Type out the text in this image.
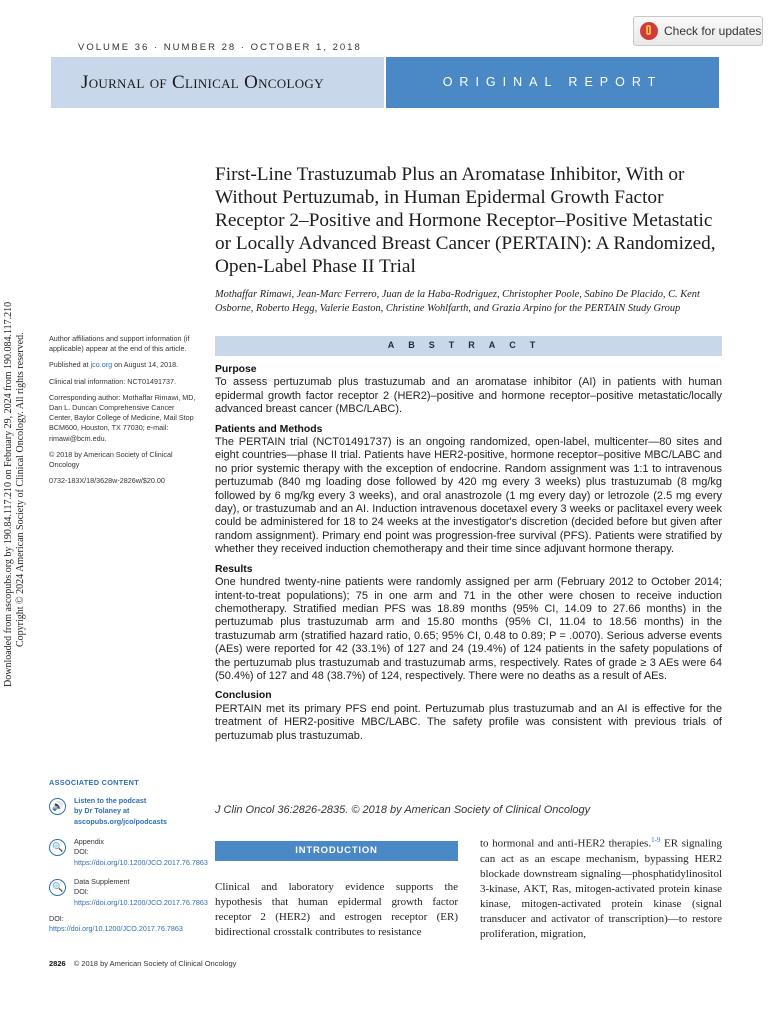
VOLUME 36 · NUMBER 28 · OCTOBER 1, 2018
Check for updates
Journal of Clinical Oncology	ORIGINAL REPORT
Downloaded from ascopubs.org by 190.84.117.210 on February 29, 2024 from 190.084.117.210 Copyright © 2024 American Society of Clinical Oncology. All rights reserved.
First-Line Trastuzumab Plus an Aromatase Inhibitor, With or Without Pertuzumab, in Human Epidermal Growth Factor Receptor 2–Positive and Hormone Receptor–Positive Metastatic or Locally Advanced Breast Cancer (PERTAIN): A Randomized, Open-Label Phase II Trial
Mothaffar Rimawi, Jean-Marc Ferrero, Juan de la Haba-Rodriguez, Christopher Poole, Sabino De Placido, C. Kent Osborne, Roberto Hegg, Valerie Easton, Christine Wohlfarth, and Grazia Arpino for the PERTAIN Study Group

Author affiliations and support information (if applicable) appear at the end of this article.

Published at jco.org on August 14, 2018.

Clinical trial information: NCT01491737.

Corresponding author: Mothaffar Rimawi, MD, Dan L. Duncan Comprehensive Cancer Center, Baylor College of Medicine, Mail Stop BCM600, Houston, TX 77030; e-mail: rimawi@bcm.edu.

© 2018 by American Society of Clinical Oncology

0732-183X/18/3628w-2826w/$20.00

ASSOCIATED CONTENT
🔊
Listen to the podcast
by Dr Tolaney at
ascopubs.org/jco/podcasts
🔍
Appendix
DOI: https://doi.org/10.1200/JCO.2017.76.7863
🔍
Data Supplement
DOI: https://doi.org/10.1200/JCO.2017.76.7863
DOI: https://doi.org/10.1200/JCO.2017.76.7863
ABSTRACT
Purpose

To assess pertuzumab plus trastuzumab and an aromatase inhibitor (AI) in patients with human epidermal growth factor receptor 2 (HER2)–positive and hormone receptor–positive metastatic/locally advanced breast cancer (MBC/LABC).

Patients and Methods

The PERTAIN trial (NCT01491737) is an ongoing randomized, open-label, multicenter—80 sites and eight countries—phase II trial. Patients have HER2-positive, hormone receptor–positive MBC/LABC and no prior systemic therapy with the exception of endocrine. Random assignment was 1:1 to intravenous pertuzumab (840 mg loading dose followed by 420 mg every 3 weeks) plus trastuzumab (8 mg/kg followed by 6 mg/kg every 3 weeks), and oral anastrozole (1 mg every day) or letrozole (2.5 mg every day), or trastuzumab and an AI. Induction intravenous docetaxel every 3 weeks or paclitaxel every week could be administered for 18 to 24 weeks at the investigator's discretion (decided before but given after random assignment). Primary end point was progression-free survival (PFS). Patients were stratified by whether they received induction chemotherapy and their time since adjuvant hormone therapy.

Results

One hundred twenty-nine patients were randomly assigned per arm (February 2012 to October 2014; intent-to-treat populations); 75 in one arm and 71 in the other were chosen to receive induction chemotherapy. Stratified median PFS was 18.89 months (95% CI, 14.09 to 27.66 months) in the pertuzumab plus trastuzumab arm and 15.80 months (95% CI, 11.04 to 18.56 months) in the trastuzumab arm (stratified hazard ratio, 0.65; 95% CI, 0.48 to 0.89; P = .0070). Serious adverse events (AEs) were reported for 42 (33.1%) of 127 and 24 (19.4%) of 124 patients in the safety populations of the pertuzumab plus trastuzumab and trastuzumab arms, respectively. Rates of grade ≥ 3 AEs were 64 (50.4%) of 127 and 48 (38.7%) of 124, respectively. There were no deaths as a result of AEs.

Conclusion

PERTAIN met its primary PFS end point. Pertuzumab plus trastuzumab and an AI is effective for the treatment of HER2-positive MBC/LABC. The safety profile was consistent with previous trials of pertuzumab plus trastuzumab.

J Clin Oncol 36:2826-2835. © 2018 by American Society of Clinical Oncology
INTRODUCTION
Clinical and laboratory evidence supports the hypothesis that human epidermal growth factor receptor 2 (HER2) and estrogen receptor (ER) bidirectional crosstalk contributes to resistance
to hormonal and anti-HER2 therapies.$^{1-9}$ ER signaling can act as an escape mechanism, bypassing HER2 blockade downstream signaling—phosphatidylinositol 3-kinase, AKT, Ras, mitogen-activated protein kinase kinase, mitogen-activated protein kinase (signal transducer and activator of transcription)—to restore proliferation, migration,
2826 © 2018 by American Society of Clinical Oncology
